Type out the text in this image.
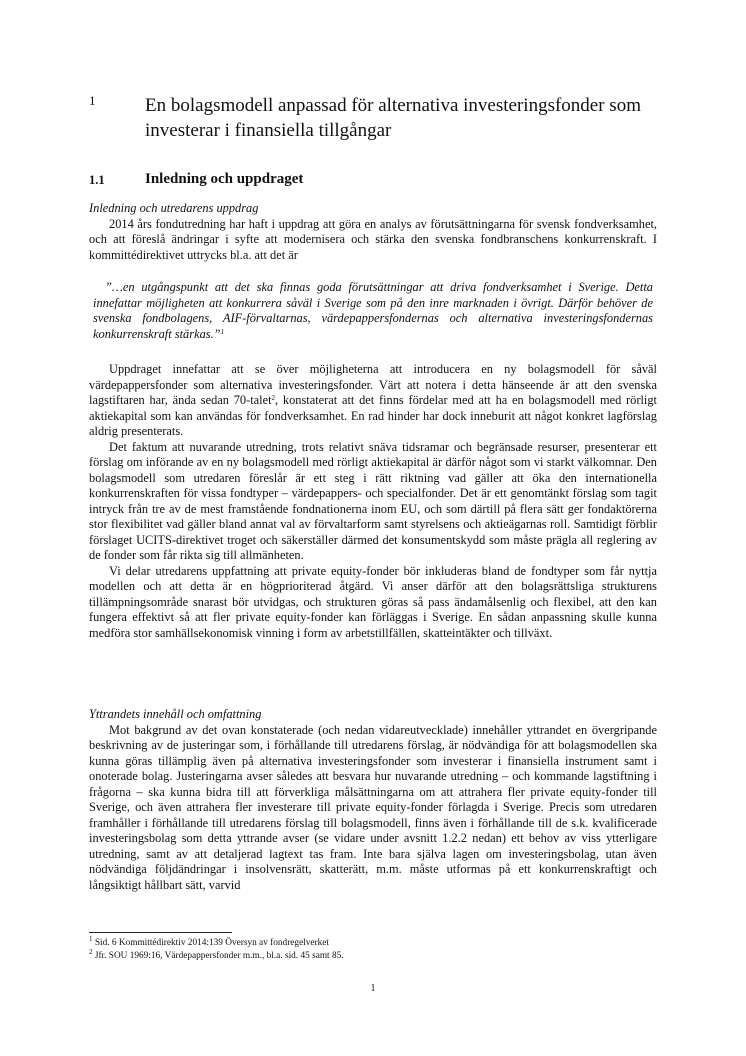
1	En bolagsmodell anpassad för alternativa investeringsfonder som investerar i finansiella tillgångar
1.1	Inledning och uppdraget
Inledning och utredarens uppdrag

2014 års fondutredning har haft i uppdrag att göra en analys av förutsättningarna för svensk fondverksamhet, och att föreslå ändringar i syfte att modernisera och stärka den svenska fondbranschens konkurrenskraft. I kommittédirektivet uttrycks bl.a. att det är

”…en utgångspunkt att det ska finnas goda förutsättningar att driva fondverksamhet i Sverige. Detta innefattar möjligheten att konkurrera såväl i Sverige som på den inre marknaden i övrigt. Därför behöver de svenska fondbolagens, AIF-förvaltarnas, värdepappersfondernas och alternativa investeringsfondernas konkurrenskraft stärkas.”$^1$

Uppdraget innefattar att se över möjligheterna att introducera en ny bolagsmodell för såväl värdepappersfonder som alternativa investeringsfonder. Värt att notera i detta hänseende är att den svenska lagstiftaren har, ända sedan 70-talet$^2$, konstaterat att det finns fördelar med att ha en bolagsmodell med rörligt aktiekapital som kan användas för fondverksamhet. En rad hinder har dock inneburit att något konkret lagförslag aldrig presenterats.

Det faktum att nuvarande utredning, trots relativt snäva tidsramar och begränsade resurser, presenterar ett förslag om införande av en ny bolagsmodell med rörligt aktiekapital är därför något som vi starkt välkomnar. Den bolagsmodell som utredaren föreslår är ett steg i rätt riktning vad gäller att öka den internationella konkurrenskraften för vissa fondtyper – värdepappers- och specialfonder. Det är ett genomtänkt förslag som tagit intryck från tre av de mest framstående fondnationerna inom EU, och som därtill på flera sätt ger fondaktörerna stor flexibilitet vad gäller bland annat val av förvaltarform samt styrelsens och aktieägarnas roll. Samtidigt förblir förslaget UCITS-direktivet troget och säkerställer därmed det konsumentskydd som måste prägla all reglering av de fonder som får rikta sig till allmänheten.

Vi delar utredarens uppfattning att private equity-fonder bör inkluderas bland de fondtyper som får nyttja modellen och att detta är en högprioriterad åtgärd. Vi anser därför att den bolagsrättsliga strukturens tillämpningsområde snarast bör utvidgas, och strukturen göras så pass ändamålsenlig och flexibel, att den kan fungera effektivt så att fler private equity-fonder kan förläggas i Sverige. En sådan anpassning skulle kunna medföra stor samhällsekonomisk vinning i form av arbetstillfällen, skatteintäkter och tillväxt.

Yttrandets innehåll och omfattning

Mot bakgrund av det ovan konstaterade (och nedan vidareutvecklade) innehåller yttrandet en övergripande beskrivning av de justeringar som, i förhållande till utredarens förslag, är nödvändiga för att bolagsmodellen ska kunna göras tillämplig även på alternativa investeringsfonder som investerar i finansiella instrument samt i onoterade bolag. Justeringarna avser således att besvara hur nuvarande utredning – och kommande lagstiftning i frågorna – ska kunna bidra till att förverkliga målsättningarna om att attrahera fler private equity-fonder till Sverige, och även attrahera fler investerare till private equity-fonder förlagda i Sverige. Precis som utredaren framhåller i förhållande till utredarens förslag till bolagsmodell, finns även i förhållande till de s.k. kvalificerade investeringsbolag som detta yttrande avser (se vidare under avsnitt 1.2.2 nedan) ett behov av viss ytterligare utredning, samt av att detaljerad lagtext tas fram. Inte bara själva lagen om investeringsbolag, utan även nödvändiga följdändringar i insolvensrätt, skatterätt, m.m. måste utformas på ett konkurrenskraftigt och långsiktigt hållbart sätt, varvid

$^1$ Sid. 6 Kommittédirektiv 2014:139 Översyn av fondregelverket
$^2$ Jfr. SOU 1969:16, Värdepappersfonder m.m., bl.a. sid. 45 samt 85.
1
